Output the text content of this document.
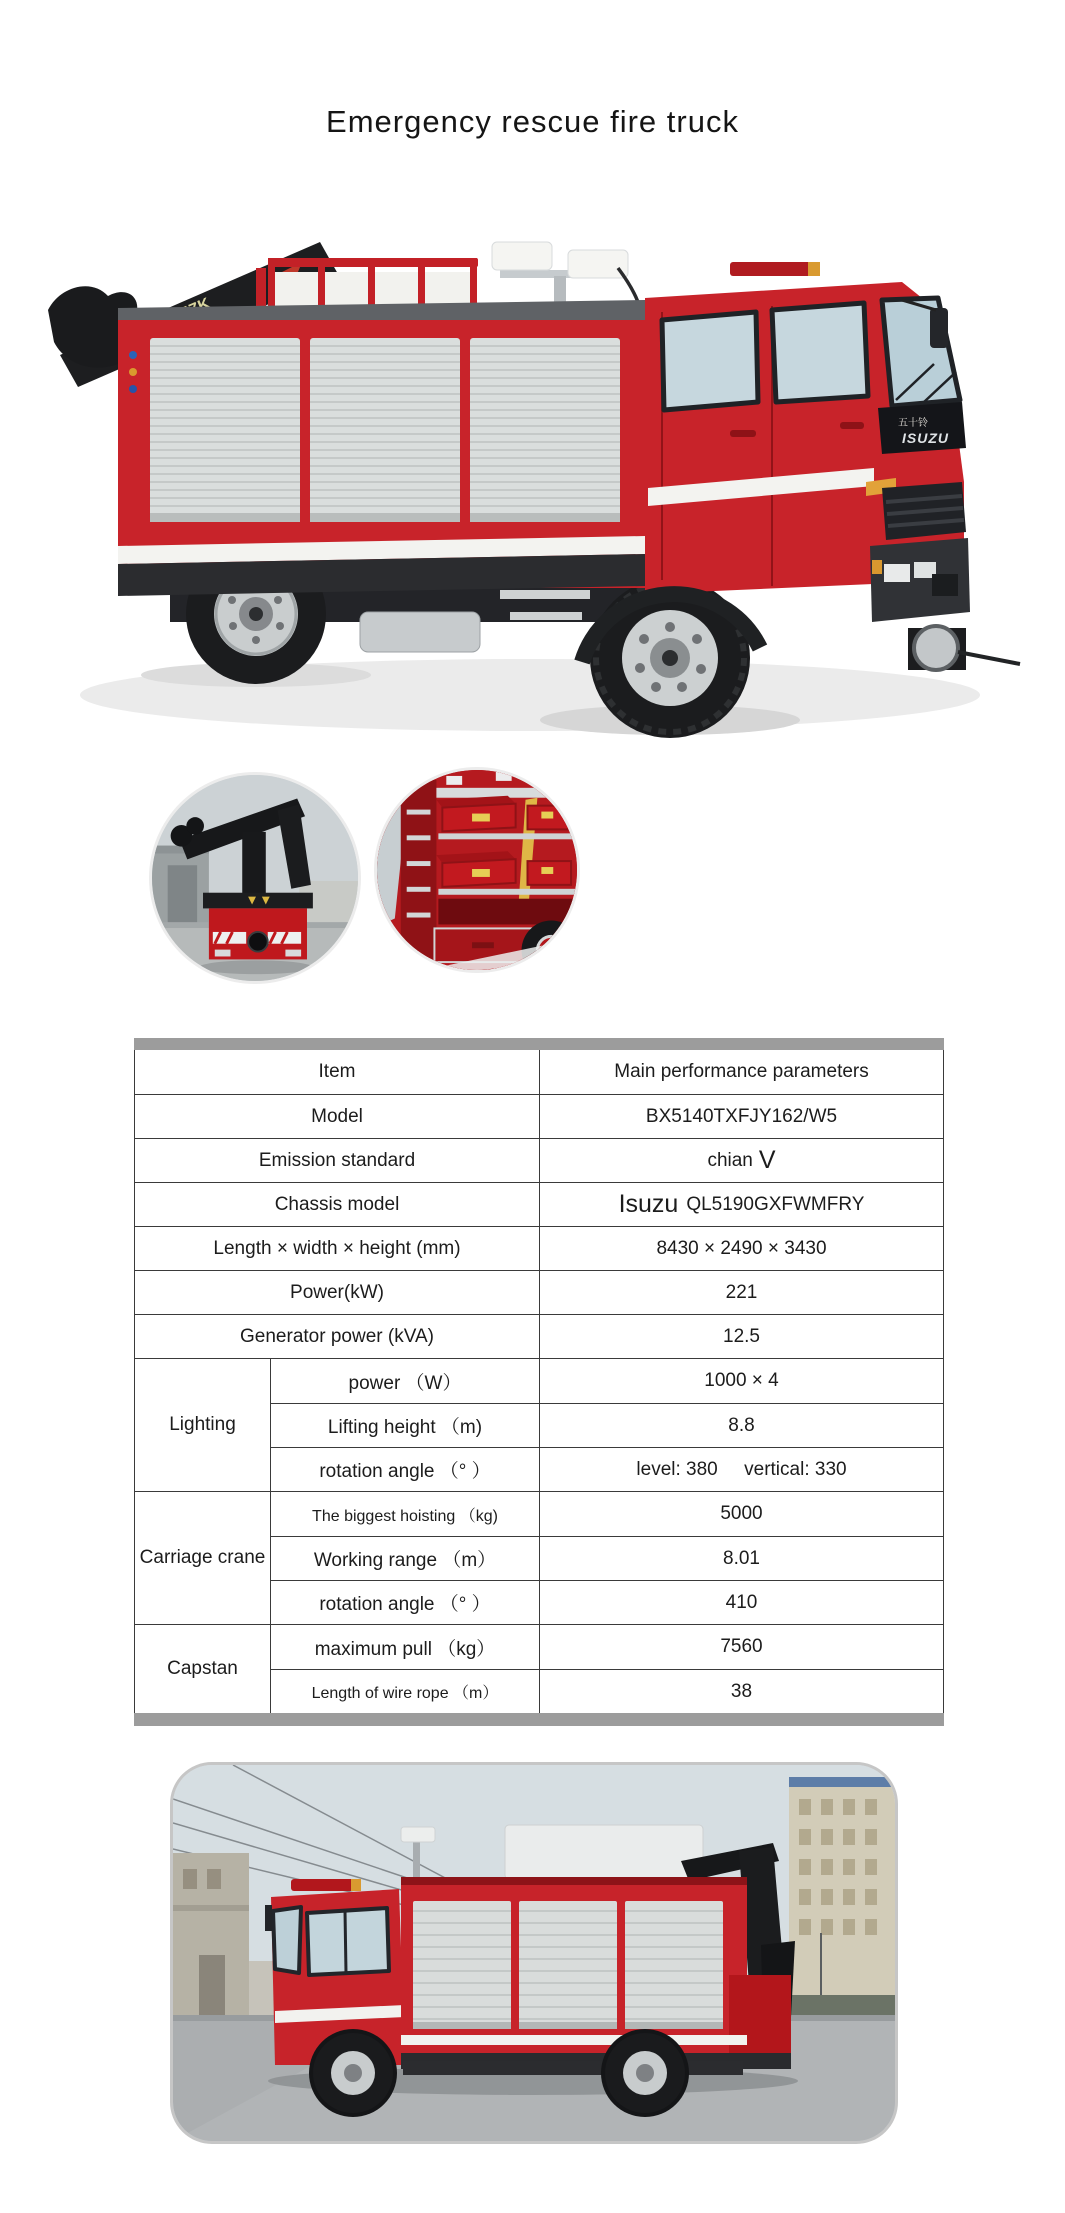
Emergency rescue fire truck
五十铃
ISUZU
Item	Main performance parameters
Model	BX5140TXFJY162/W5
Emission standard	chian V
Chassis model	Isuzu QL5190GXFWMFRY
Length × width × height (mm)	8430 × 2490 × 3430
Power(kW)	221
Generator power (kVA)	12.5
Lighting
power （W）	1000 × 4
Lifting height （m)	8.8
rotation angle （° ）	level: 380     vertical: 330
Carriage crane
The biggest hoisting （kg)	5000
Working range （m）	8.01
rotation angle （° ）	410
Capstan
maximum pull （kg）	7560
Length of wire rope （m）	38
